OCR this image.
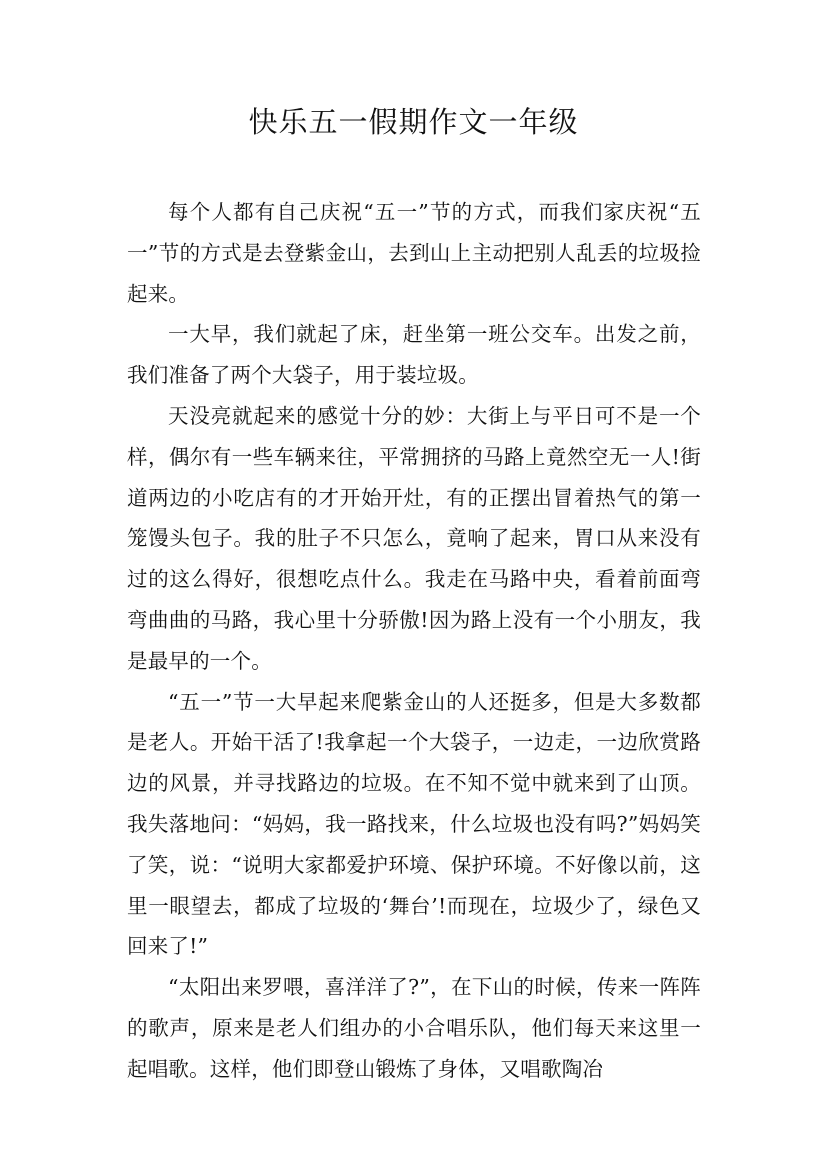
快乐五一假期作文一年级

每个人都有自己庆祝“五一”节的方式，而我们家庆祝“五一”节的方式是去登紫金山，去到山上主动把别人乱丢的垃圾捡起来。

一大早，我们就起了床，赶坐第一班公交车。出发之前，我们准备了两个大袋子，用于装垃圾。

天没亮就起来的感觉十分的妙：大街上与平日可不是一个样，偶尔有一些车辆来往，平常拥挤的马路上竟然空无一人!街道两边的小吃店有的才开始开灶，有的正摆出冒着热气的第一笼馒头包子。我的肚子不只怎么，竟响了起来，胃口从来没有过的这么得好，很想吃点什么。我走在马路中央，看着前面弯弯曲曲的马路，我心里十分骄傲!因为路上没有一个小朋友，我是最早的一个。

“五一”节一大早起来爬紫金山的人还挺多，但是大多数都是老人。开始干活了!我拿起一个大袋子，一边走，一边欣赏路边的风景，并寻找路边的垃圾。在不知不觉中就来到了山顶。我失落地问：“妈妈，我一路找来，什么垃圾也没有吗?”妈妈笑了笑，说：“说明大家都爱护环境、保护环境。不好像以前，这里一眼望去，都成了垃圾的‘舞台’!而现在，垃圾少了，绿色又回来了!”

“太阳出来罗喂，喜洋洋了?”，在下山的时候，传来一阵阵的歌声，原来是老人们组办的小合唱乐队，他们每天来这里一起唱歌。这样，他们即登山锻炼了身体，又唱歌陶冶
